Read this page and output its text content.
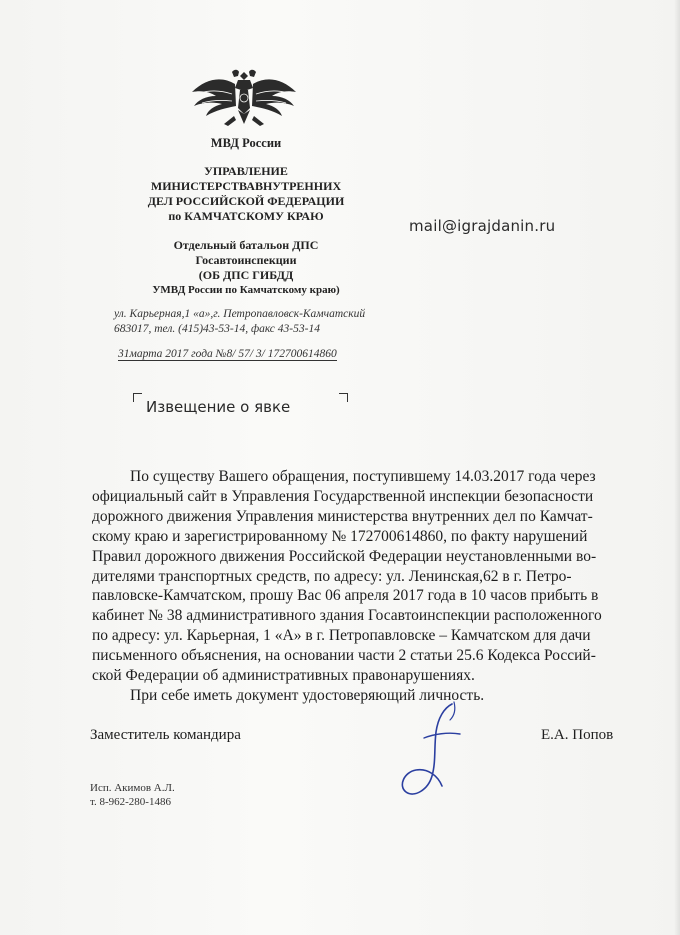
МВД России
УПРАВЛЕНИЕ
МИНИСТЕРСТВАВНУТРЕННИХ
ДЕЛ РОССИЙСКОЙ ФЕДЕРАЦИИ
по КАМЧАТСКОМУ КРАЮ
Отдельный батальон ДПС
Госавтоинспекции
(ОБ ДПС ГИБДД
УМВД России по Камчатскому краю)
mail@igrajdanin.ru
ул. Карьерная,1 «а»,г. Петропавловск-Камчатский
683017, тел. (415)43-53-14, факс 43-53-14
31марта 2017 года №8/ 57/ 3/ 172700614860
Извещение о явке
По существу Вашего обращения, поступившему 14.03.2017 года через
официальный сайт в Управления Государственной инспекции безопасности
дорожного движения Управления министерства внутренних дел по Камчат-
скому краю и зарегистрированному № 172700614860, по факту нарушений
Правил дорожного движения Российской Федерации неустановленными во-
дителями транспортных средств, по адресу: ул. Ленинская,62 в г. Петро-
павловске-Камчатском, прошу Вас 06 апреля 2017 года в 10 часов прибыть в
кабинет № 38 административного здания Госавтоинспекции расположенного
по адресу: ул. Карьерная, 1 «А» в г. Петропавловске – Камчатском для дачи
письменного объяснения, на основании части 2 статьи 25.6 Кодекса Россий-
ской Федерации об административных правонарушениях.
При себе иметь документ удостоверяющий личность.
Заместитель командира	Е.А. Попов
Исп. Акимов А.Л.
т. 8-962-280-1486
